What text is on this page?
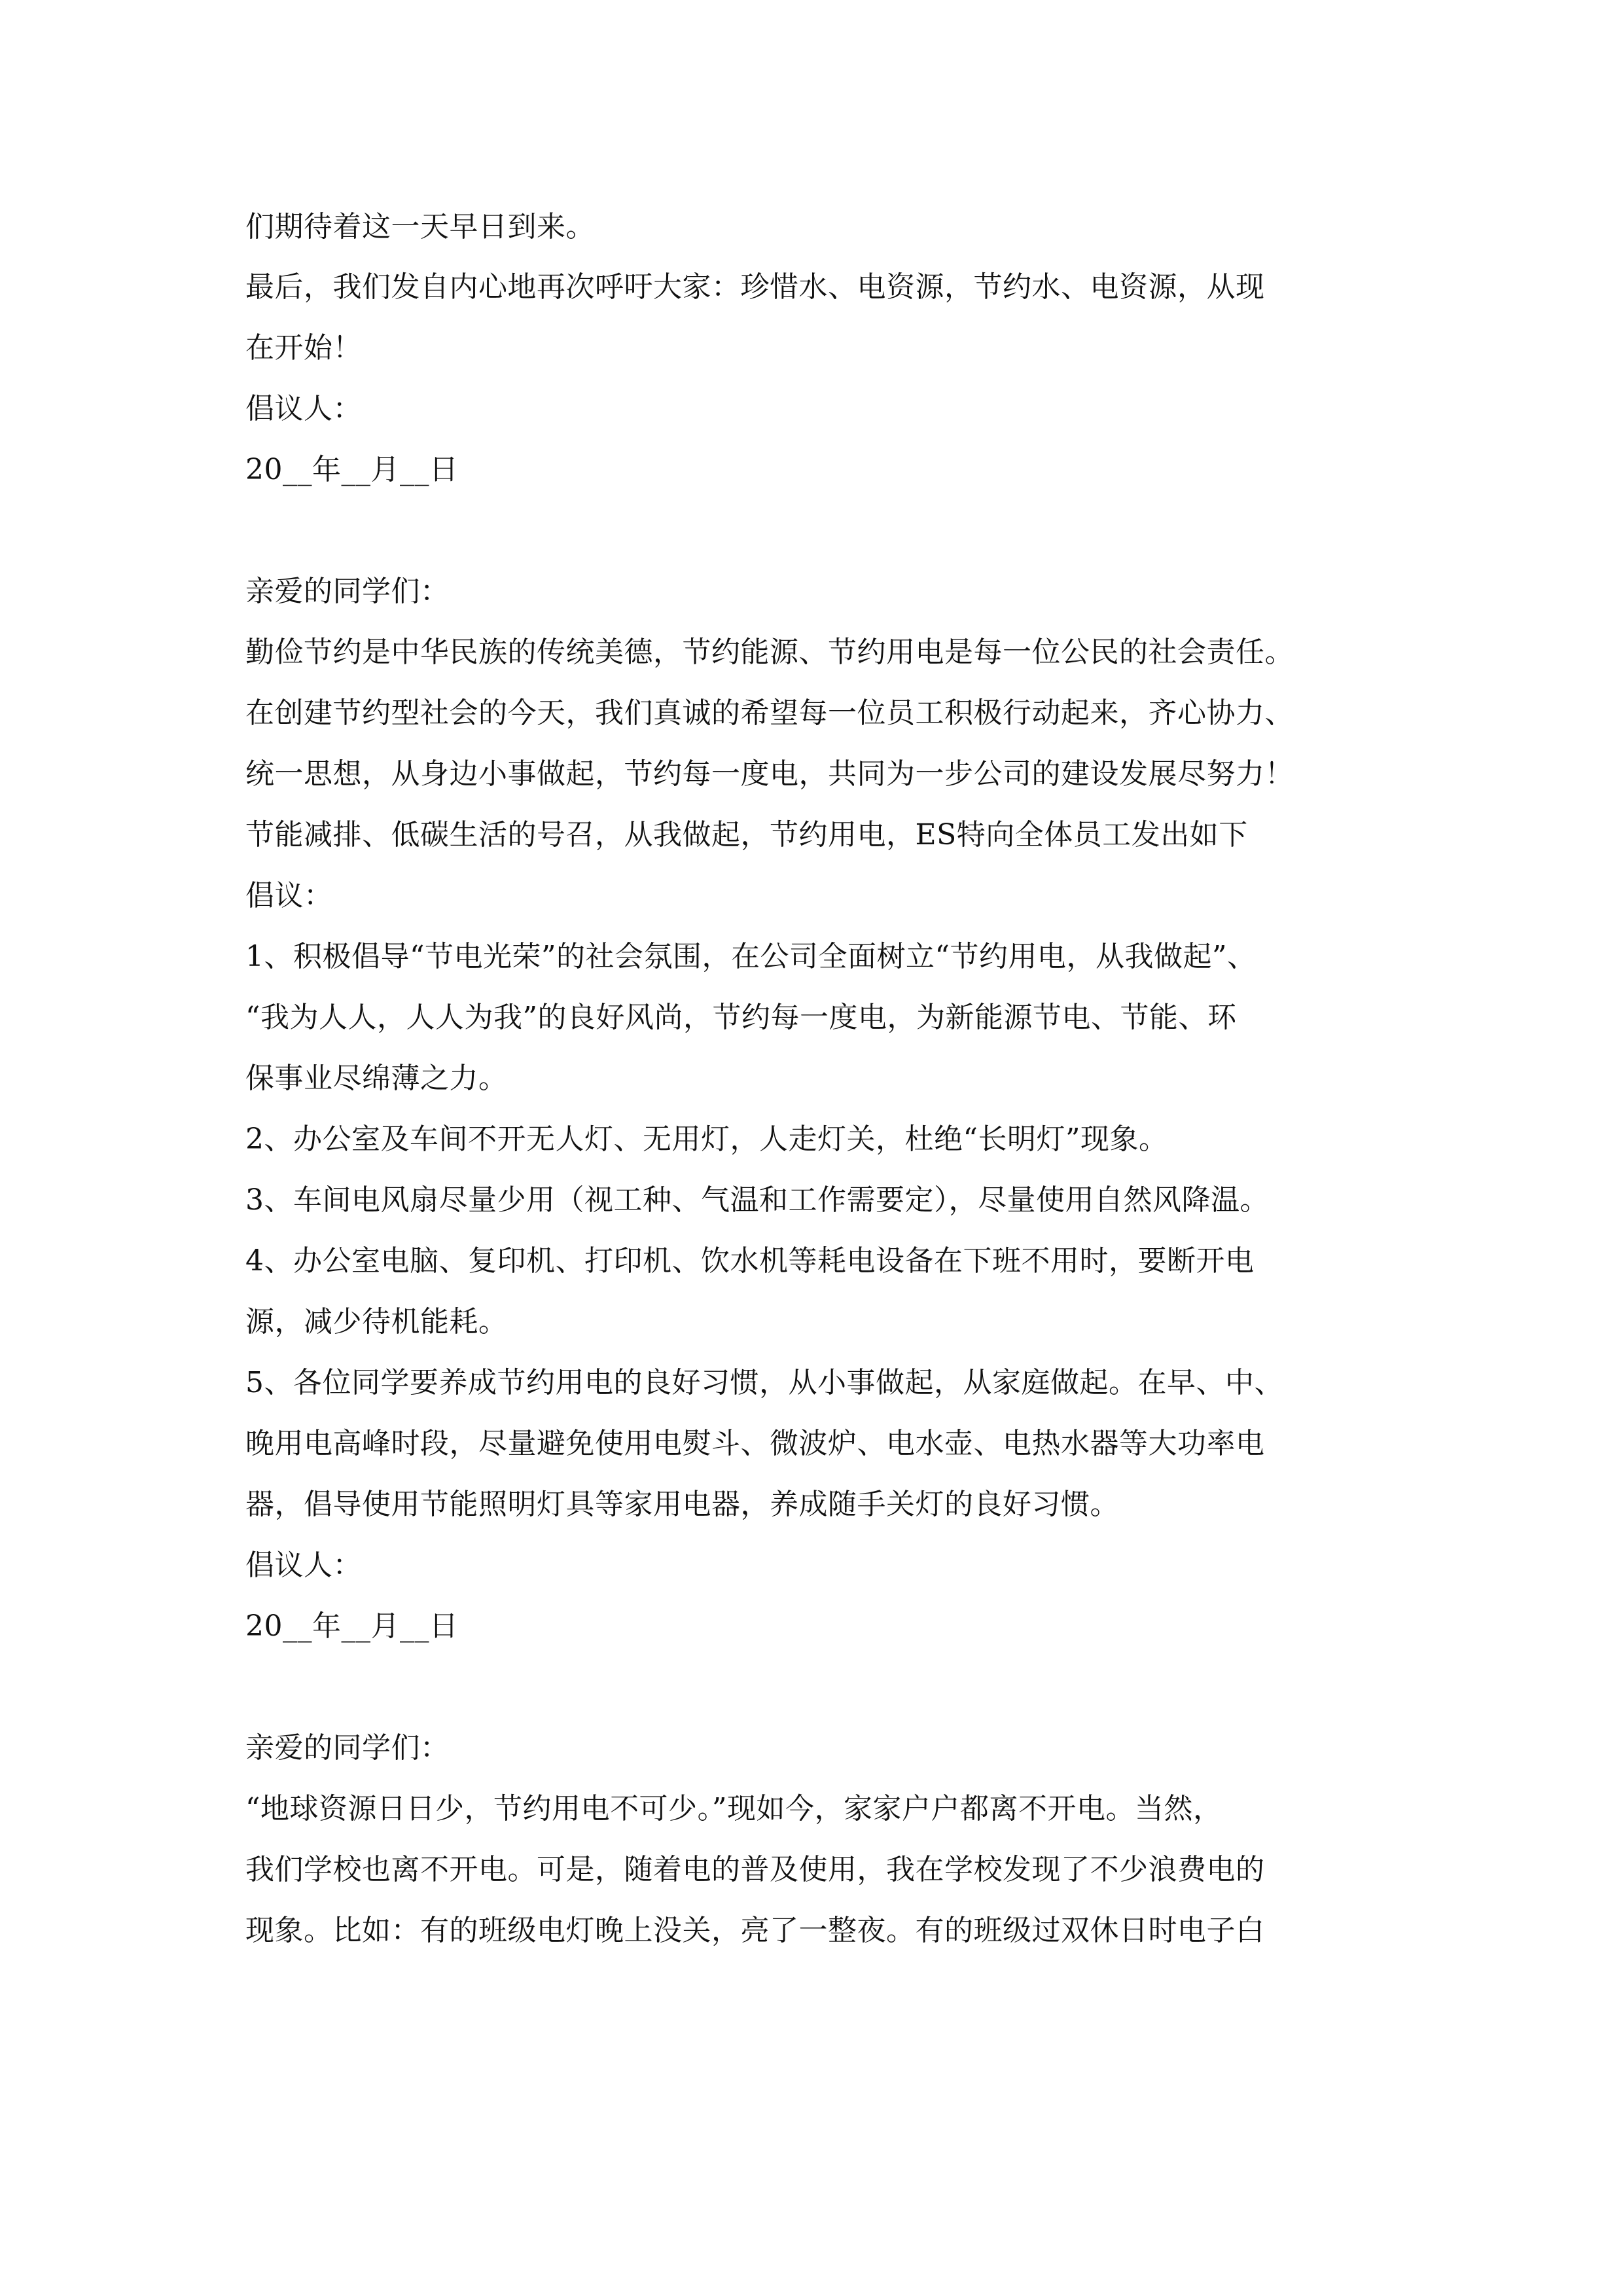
们期待着这一天早日到来。
最后，我们发自内心地再次呼吁大家：珍惜水、电资源，节约水、电资源，从现
在开始！
倡议人：
20__年__月__日
亲爱的同学们：
勤俭节约是中华民族的传统美德，节约能源、节约用电是每一位公民的社会责任。
在创建节约型社会的今天，我们真诚的希望每一位员工积极行动起来，齐心协力、
统一思想，从身边小事做起，节约每一度电，共同为一步公司的建设发展尽努力！
节能减排、低碳生活的号召，从我做起，节约用电，ES特向全体员工发出如下
倡议：
1、积极倡导“节电光荣”的社会氛围，在公司全面树立“节约用电，从我做起”、
“我为人人，人人为我”的良好风尚，节约每一度电，为新能源节电、节能、环
保事业尽绵薄之力。
2、办公室及车间不开无人灯、无用灯，人走灯关，杜绝“长明灯”现象。
3、车间电风扇尽量少用（视工种、气温和工作需要定），尽量使用自然风降温。
4、办公室电脑、复印机、打印机、饮水机等耗电设备在下班不用时，要断开电
源，减少待机能耗。
5、各位同学要养成节约用电的良好习惯，从小事做起，从家庭做起。在早、中、
晚用电高峰时段，尽量避免使用电熨斗、微波炉、电水壶、电热水器等大功率电
器，倡导使用节能照明灯具等家用电器，养成随手关灯的良好习惯。
倡议人：
20__年__月__日
亲爱的同学们：
“地球资源日日少，节约用电不可少。”现如今，家家户户都离不开电。当然，
我们学校也离不开电。可是，随着电的普及使用，我在学校发现了不少浪费电的
现象。比如：有的班级电灯晚上没关，亮了一整夜。有的班级过双休日时电子白
